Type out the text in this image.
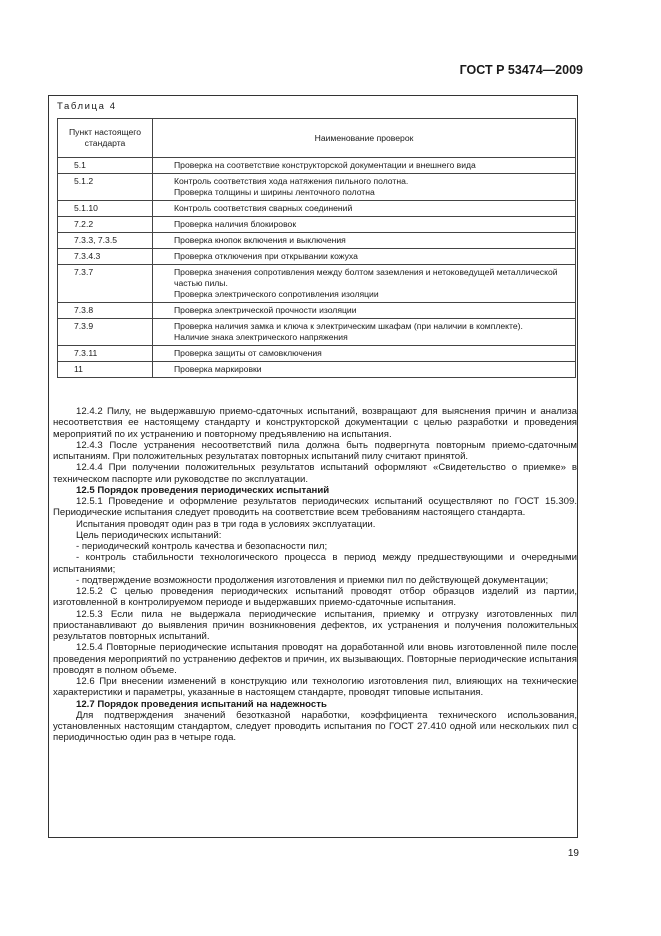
ГОСТ Р 53474—2009
Таблица 4
Пункт настоящего стандарта	Наименование проверок
5.1	Проверка на соответствие конструкторской документации и внешнего вида

5.1.2	Контроль соответствия хода натяжения пильного полотна.
Проверка толщины и ширины ленточного полотна

5.1.10	Контроль соответствия сварных соединений

7.2.2	Проверка наличия блокировок

7.3.3, 7.3.5	Проверка кнопок включения и выключения

7.3.4.3	Проверка отключения при открывании кожуха

7.3.7	Проверка значения сопротивления между болтом заземления и нетоковедущей металлической частью пилы.
Проверка электрического сопротивления изоляции

7.3.8	Проверка электрической прочности изоляции

7.3.9	Проверка наличия замка и ключа к электрическим шкафам (при наличии в комплекте).
Наличие знака электрического напряжения

7.3.11	Проверка защиты от самовключения

11	Проверка маркировки

12.4.2 Пилу, не выдержавшую приемо-сдаточных испытаний, возвращают для выяснения причин и анализа несоответствия ее настоящему стандарту и конструкторской документации с целью разработки и проведения мероприятий по их устранению и повторному предъявлению на испытания.

12.4.3 После устранения несоответствий пила должна быть подвергнута повторным приемо-сдаточным испытаниям. При положительных результатах повторных испытаний пилу считают принятой.

12.4.4 При получении положительных результатов испытаний оформляют «Свидетельство о приемке» в техническом паспорте или руководстве по эксплуатации.

12.5 Порядок проведения периодических испытаний

12.5.1 Проведение и оформление результатов периодических испытаний осуществляют по ГОСТ 15.309. Периодические испытания следует проводить на соответствие всем требованиям настоящего стандарта.

Испытания проводят один раз в три года в условиях эксплуатации.

Цель периодических испытаний:

- периодический контроль качества и безопасности пил;

- контроль стабильности технологического процесса в период между предшествующими и очередными испытаниями;

- подтверждение возможности продолжения изготовления и приемки пил по действующей документации;

12.5.2 С целью проведения периодических испытаний проводят отбор образцов изделий из партии, изготовленной в контролируемом периоде и выдержавших приемо-сдаточные испытания.

12.5.3 Если пила не выдержала периодические испытания, приемку и отгрузку изготовленных пил приостанавливают до выявления причин возникновения дефектов, их устранения и получения положительных результатов повторных испытаний.

12.5.4 Повторные периодические испытания проводят на доработанной или вновь изготовленной пиле после проведения мероприятий по устранению дефектов и причин, их вызывающих. Повторные периодические испытания проводят в полном объеме.

12.6 При внесении изменений в конструкцию или технологию изготовления пил, влияющих на технические характеристики и параметры, указанные в настоящем стандарте, проводят типовые испытания.

12.7 Порядок проведения испытаний на надежность

Для подтверждения значений безотказной наработки, коэффициента технического использования, установленных настоящим стандартом, следует проводить испытания по ГОСТ 27.410 одной или нескольких пил с периодичностью один раз в четыре года.

19
